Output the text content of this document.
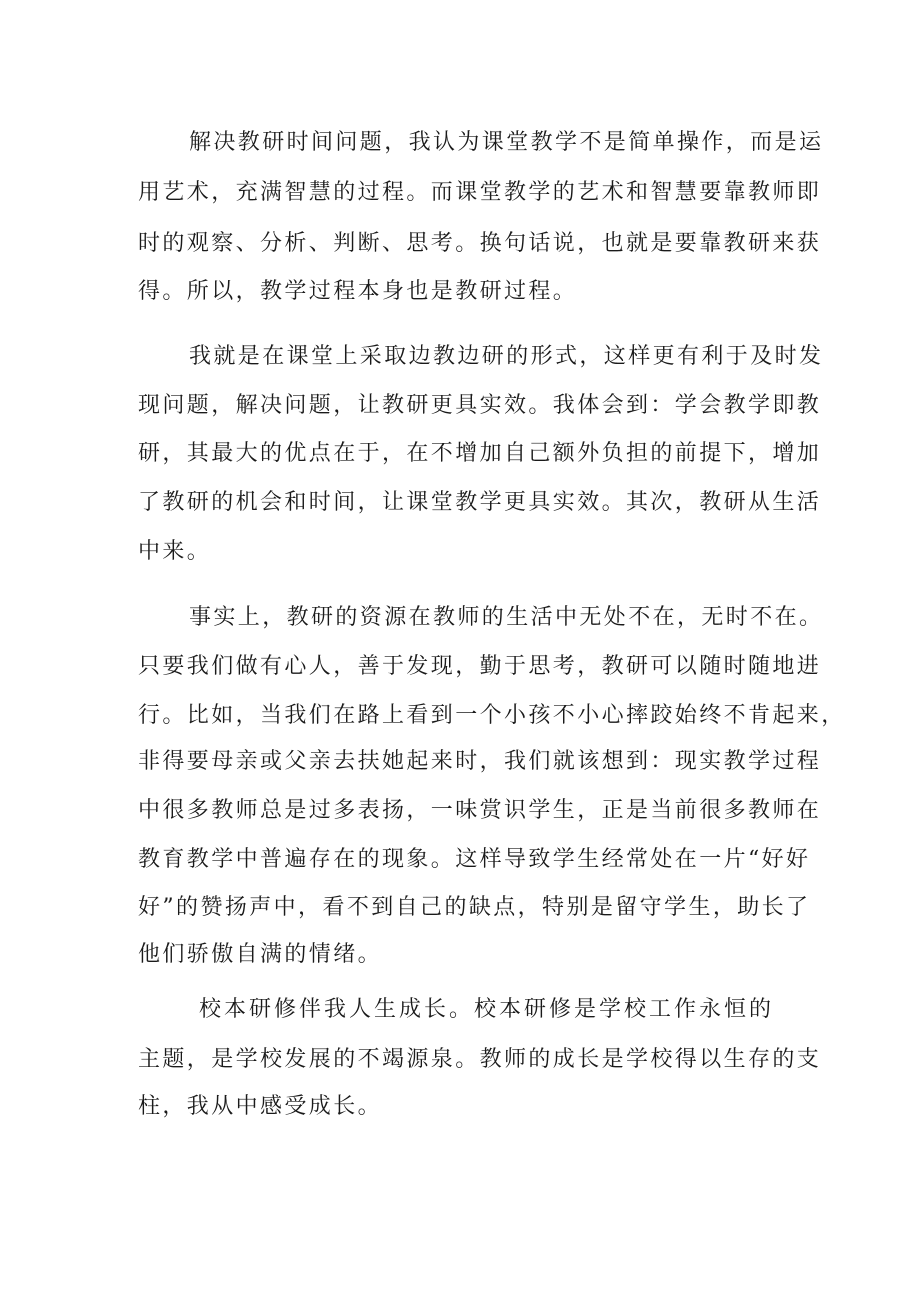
解决教研时间问题，我认为课堂教学不是简单操作，而是运
用艺术，充满智慧的过程。而课堂教学的艺术和智慧要靠教师即
时的观察、分析、判断、思考。换句话说，也就是要靠教研来获
得。所以，教学过程本身也是教研过程。
我就是在课堂上采取边教边研的形式，这样更有利于及时发
现问题，解决问题，让教研更具实效。我体会到：学会教学即教
研，其最大的优点在于，在不增加自己额外负担的前提下，增加
了教研的机会和时间，让课堂教学更具实效。其次，教研从生活
中来。
事实上，教研的资源在教师的生活中无处不在，无时不在。
只要我们做有心人，善于发现，勤于思考，教研可以随时随地进
行。比如，当我们在路上看到一个小孩不小心摔跤始终不肯起来，
非得要母亲或父亲去扶她起来时，我们就该想到：现实教学过程
中很多教师总是过多表扬，一味赏识学生，正是当前很多教师在
教育教学中普遍存在的现象。这样导致学生经常处在一片“好好
好”的赞扬声中，看不到自己的缺点，特别是留守学生，助长了
他们骄傲自满的情绪。
校本研修伴我人生成长。校本研修是学校工作永恒的
主题，是学校发展的不竭源泉。教师的成长是学校得以生存的支
柱，我从中感受成长。
